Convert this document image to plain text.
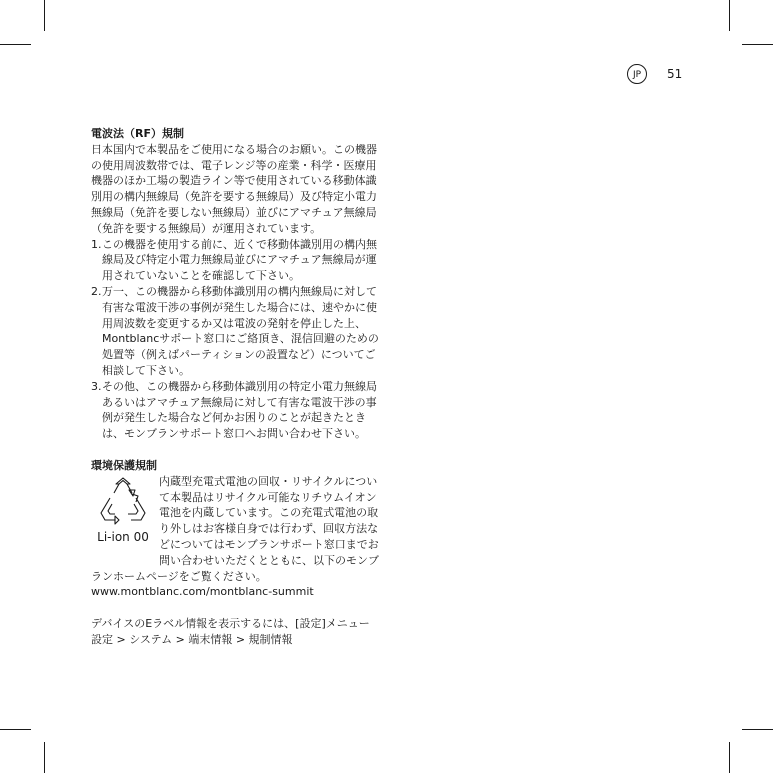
JP	51
電波法（RF）規制
日本国内で本製品をご使用になる場合のお願い。この機器の使用周波数帯では、電子レンジ等の産業・科学・医療用機器のほか工場の製造ライン等で使用されている移動体識別用の構内無線局（免許を要する無線局）及び特定小電力無線局（免許を要しない無線局）並びにアマチュア無線局（免許を要する無線局）が運用されています。
1. この機器を使用する前に、近くで移動体識別用の構内無線局及び特定小電力無線局並びにアマチュア無線局が運用されていないことを確認して下さい。
2. 万一、この機器から移動体識別用の構内無線局に対して有害な電波干渉の事例が発生した場合には、速やかに使用周波数を変更するか又は電波の発射を停止した上、Montblancサポート窓口にご絡頂き、混信回避のための処置等（例えばパーティションの設置など）についてご相談して下さい。
3. その他、この機器から移動体識別用の特定小電力無線局あるいはアマチュア無線局に対して有害な電波干渉の事例が発生した場合など何かお困りのことが起きたときは、モンブランサポート窓口へお問い合わせ下さい。
環境保護規制
Li-ion 00
内蔵型充電式電池の回収・リサイクルについて本製品はリサイクル可能なリチウムイオン電池を内蔵しています。この充電式電池の取り外しはお客様自身では行わず、回収方法などについてはモンブランサポート窓口までお問い合わせいただくとともに、以下のモンブランホームページをご覧ください。www.montblanc.com/montblanc-summit
デバイスのEラベル情報を表示するには、[設定]メニュー 設定 > システム > 端末情報 > 規制情報
